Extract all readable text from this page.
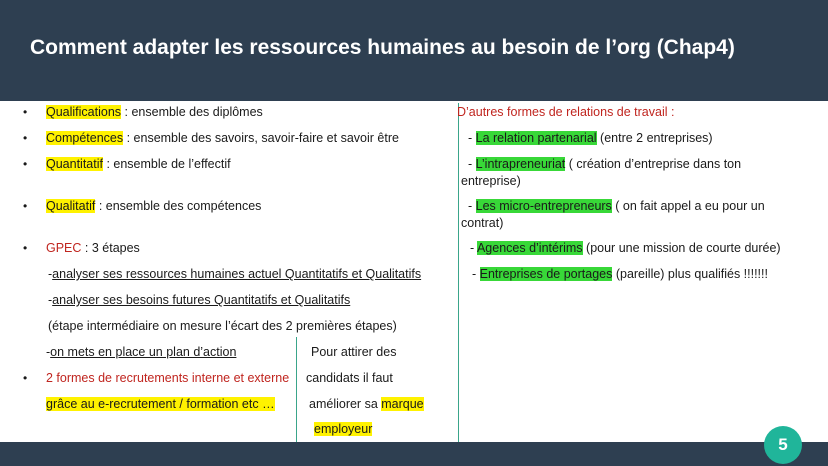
Comment adapter les ressources humaines au besoin de l’org (Chap4)
• Qualifications : ensemble des diplômes
• Compétences : ensemble des savoirs, savoir-faire et savoir être
• Quantitatif : ensemble de l’effectif
• Qualitatif : ensemble des compétences
• GPEC : 3 étapes
-analyser ses ressources humaines actuel Quantitatifs et Qualitatifs
-analyser ses besoins futures Quantitatifs et Qualitatifs
(étape intermédiaire on mesure l’écart des 2 premières étapes)
-on mets en place un plan d’action
• 2 formes de recrutements interne et externe
grâce au e-recrutement / formation etc …
Pour attirer des
candidats il faut
améliorer sa marque
employeur
D’autres formes de relations de travail :
- La relation partenarial (entre 2 entreprises)
- L’intrapreneuriat ( création d’entreprise dans ton
entreprise)
- Les micro-entrepreneurs ( on fait appel a eu pour un
contrat)
- Agences d’intérims (pour une mission de courte durée)
- Entreprises de portages (pareille) plus qualifiés !!!!!!!
5
